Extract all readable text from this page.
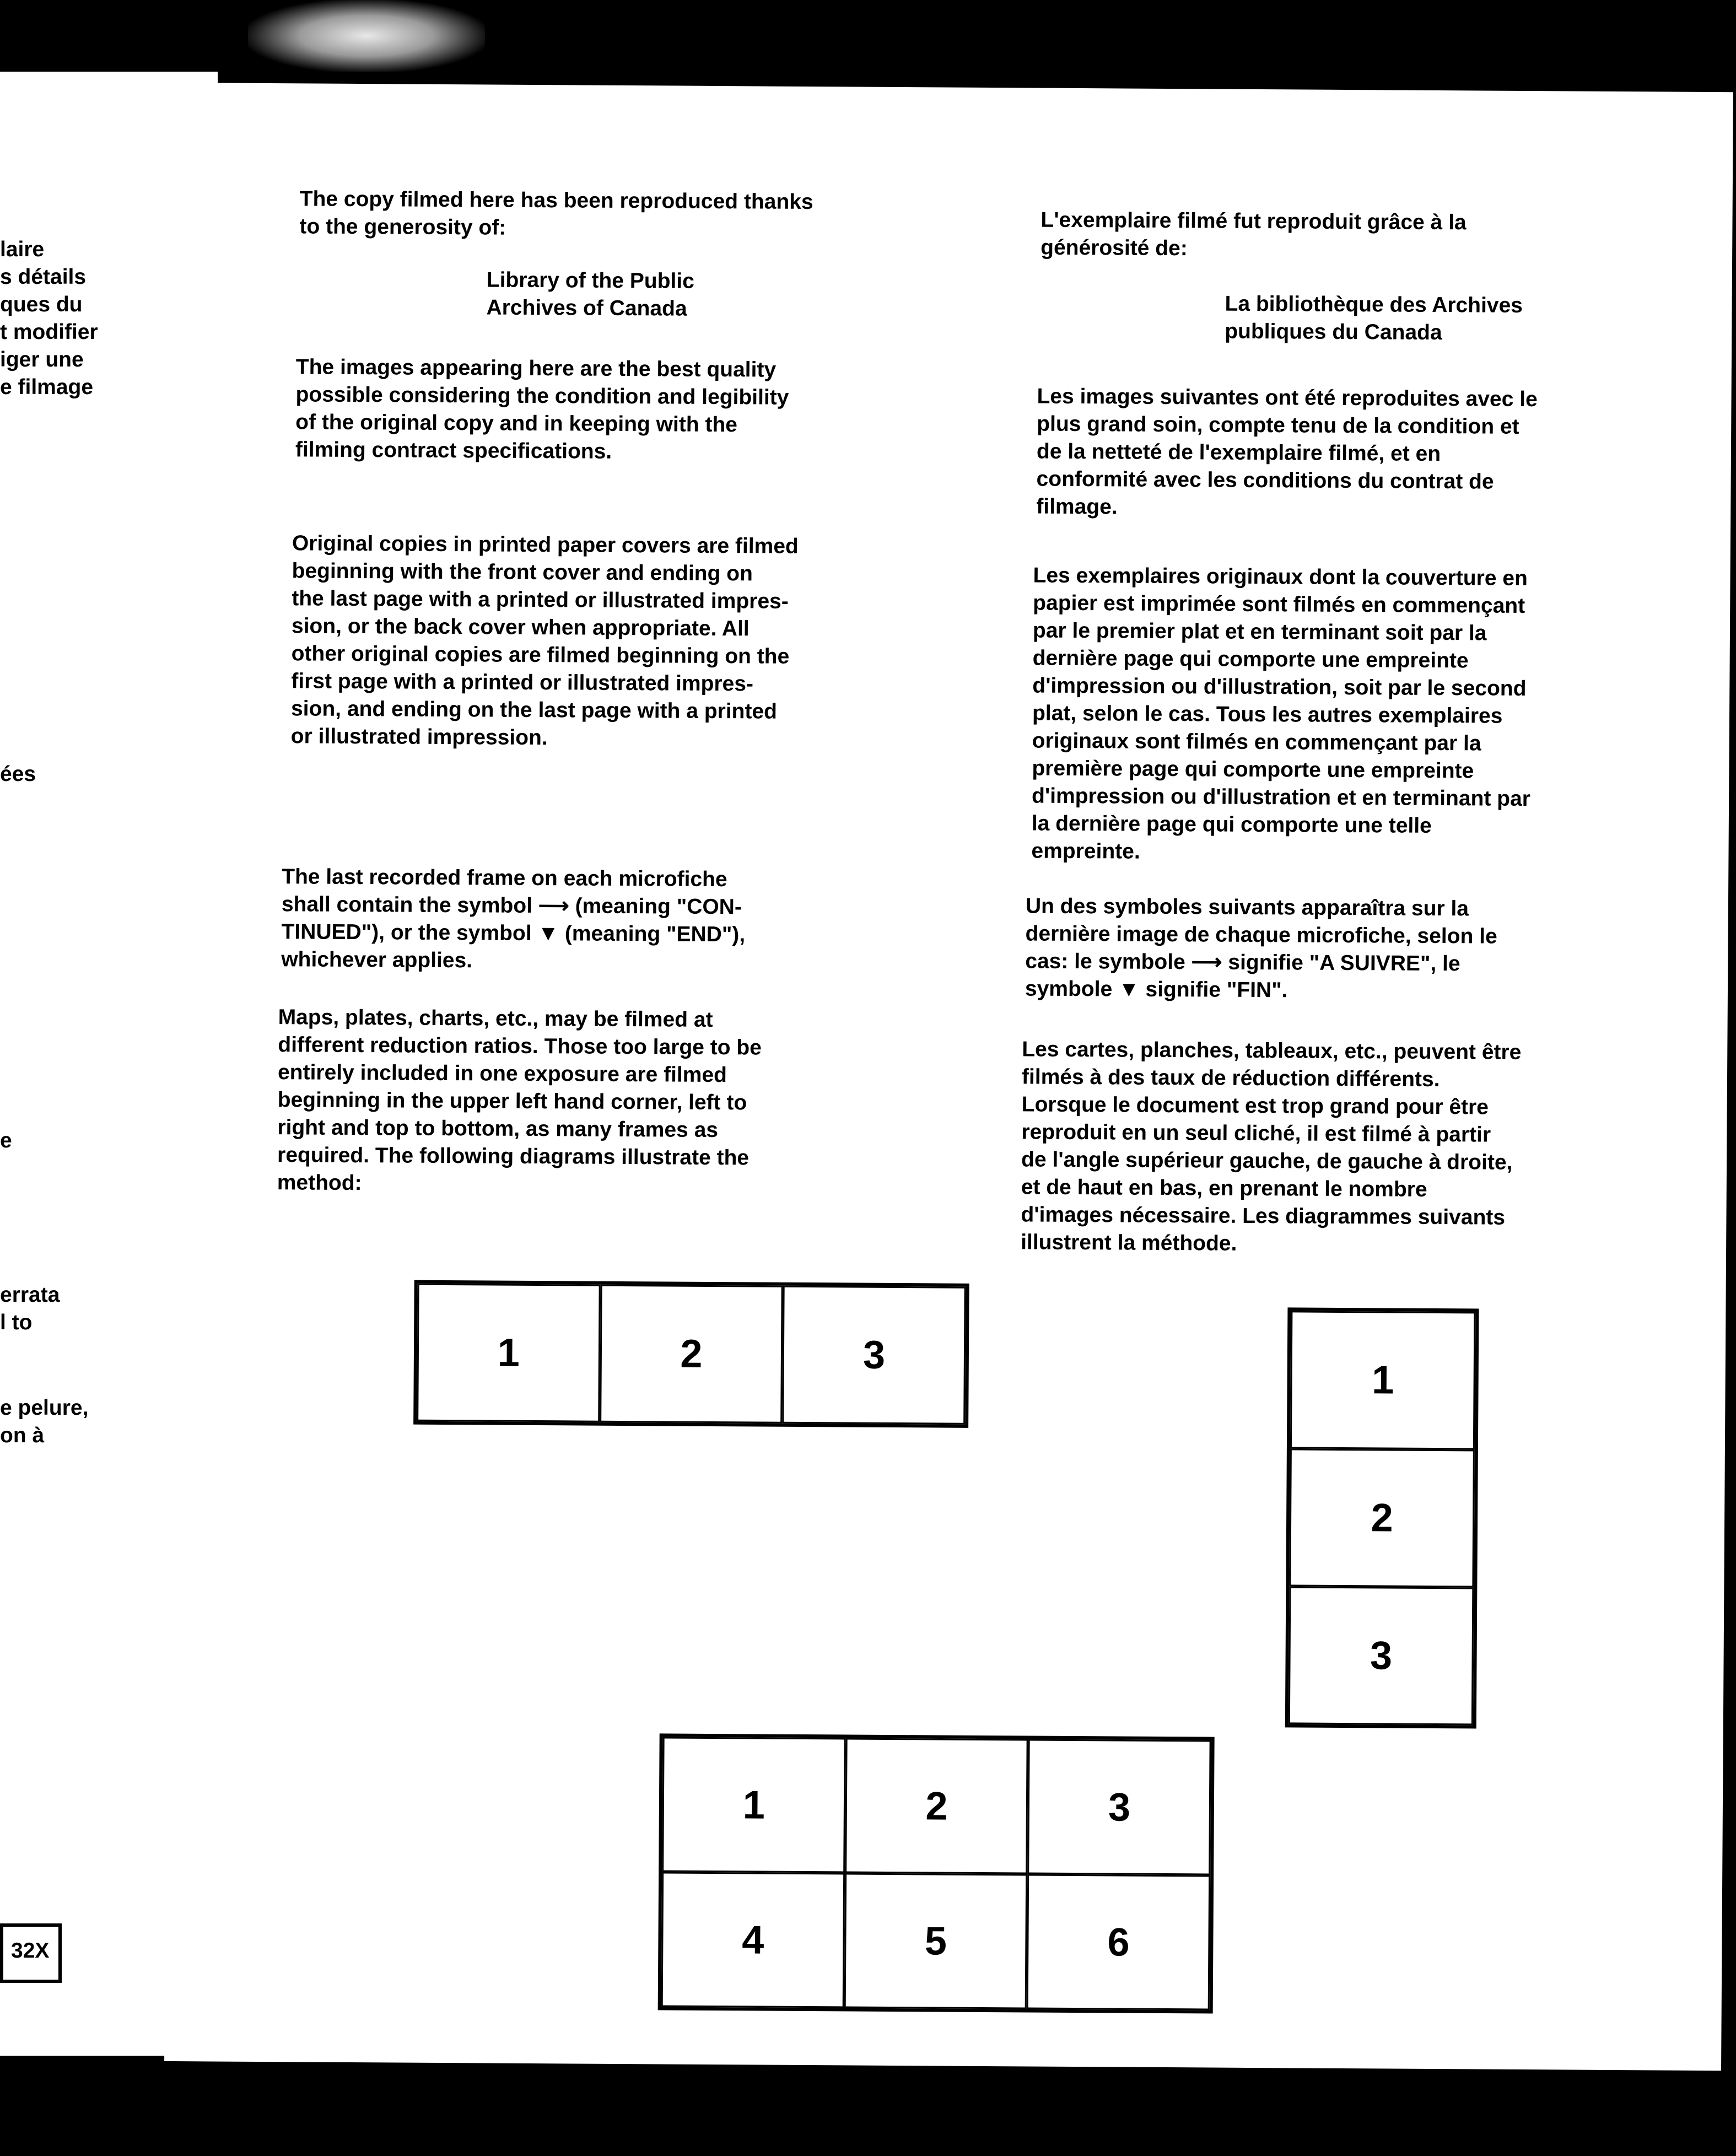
laire
s détails
ques du
t modifier
iger une
e filmage
ées
e
errata
l to
e pelure,
on à
32X
The copy filmed here has been reproduced thanks
to the generosity of:
Library of the Public
Archives of Canada
The images appearing here are the best quality
possible considering the condition and legibility
of the original copy and in keeping with the
filming contract specifications.
Original copies in printed paper covers are filmed
beginning with the front cover and ending on
the last page with a printed or illustrated impres-
sion, or the back cover when appropriate. All
other original copies are filmed beginning on the
first page with a printed or illustrated impres-
sion, and ending on the last page with a printed
or illustrated impression.
The last recorded frame on each microfiche
shall contain the symbol ⟶ (meaning "CON-
TINUED"), or the symbol ▼ (meaning "END"),
whichever applies.
Maps, plates, charts, etc., may be filmed at
different reduction ratios. Those too large to be
entirely included in one exposure are filmed
beginning in the upper left hand corner, left to
right and top to bottom, as many frames as
required. The following diagrams illustrate the
method:
L'exemplaire filmé fut reproduit grâce à la
générosité de:
La bibliothèque des Archives
publiques du Canada
Les images suivantes ont été reproduites avec le
plus grand soin, compte tenu de la condition et
de la netteté de l'exemplaire filmé, et en
conformité avec les conditions du contrat de
filmage.
Les exemplaires originaux dont la couverture en
papier est imprimée sont filmés en commençant
par le premier plat et en terminant soit par la
dernière page qui comporte une empreinte
d'impression ou d'illustration, soit par le second
plat, selon le cas. Tous les autres exemplaires
originaux sont filmés en commençant par la
première page qui comporte une empreinte
d'impression ou d'illustration et en terminant par
la dernière page qui comporte une telle
empreinte.
Un des symboles suivants apparaîtra sur la
dernière image de chaque microfiche, selon le
cas: le symbole ⟶ signifie "A SUIVRE", le
symbole ▼ signifie "FIN".
Les cartes, planches, tableaux, etc., peuvent être
filmés à des taux de réduction différents.
Lorsque le document est trop grand pour être
reproduit en un seul cliché, il est filmé à partir
de l'angle supérieur gauche, de gauche à droite,
et de haut en bas, en prenant le nombre
d'images nécessaire. Les diagrammes suivants
illustrent la méthode.
1	2	3
1
2
3
1	2	3
4	5	6
